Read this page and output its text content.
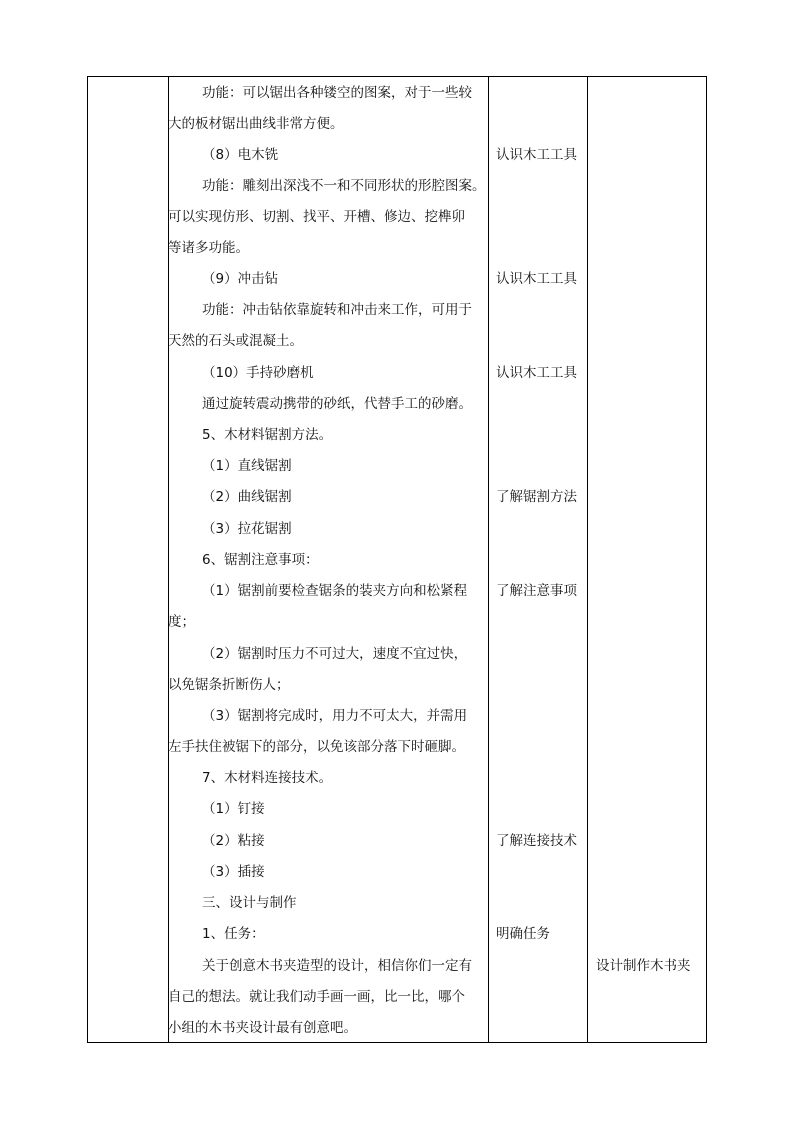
功能：可以锯出各种镂空的图案，对于一些较
大的板材锯出曲线非常方便。
（8）电木铣
功能：雕刻出深浅不一和不同形状的形腔图案。
可以实现仿形、切割、找平、开槽、修边、挖榫卯
等诸多功能。
（9）冲击钻
功能：冲击钻依靠旋转和冲击来工作，可用于
天然的石头或混凝土。
（10）手持砂磨机
通过旋转震动携带的砂纸，代替手工的砂磨。
5、木材料锯割方法。
（1）直线锯割
（2）曲线锯割
（3）拉花锯割
6、锯割注意事项：
（1）锯割前要检查锯条的装夹方向和松紧程
度；
（2）锯割时压力不可过大，速度不宜过快，
以免锯条折断伤人；
（3）锯割将完成时，用力不可太大，并需用
左手扶住被锯下的部分，以免该部分落下时砸脚。
7、木材料连接技术。
（1）钉接
（2）粘接
（3）插接
三、设计与制作
1、任务：
关于创意木书夹造型的设计，相信你们一定有
自己的想法。就让我们动手画一画，比一比，哪个
小组的木书夹设计最有创意吧。
认识木工工具
认识木工工具
认识木工工具
了解锯割方法
了解注意事项
了解连接技术
明确任务
设计制作木书夹
